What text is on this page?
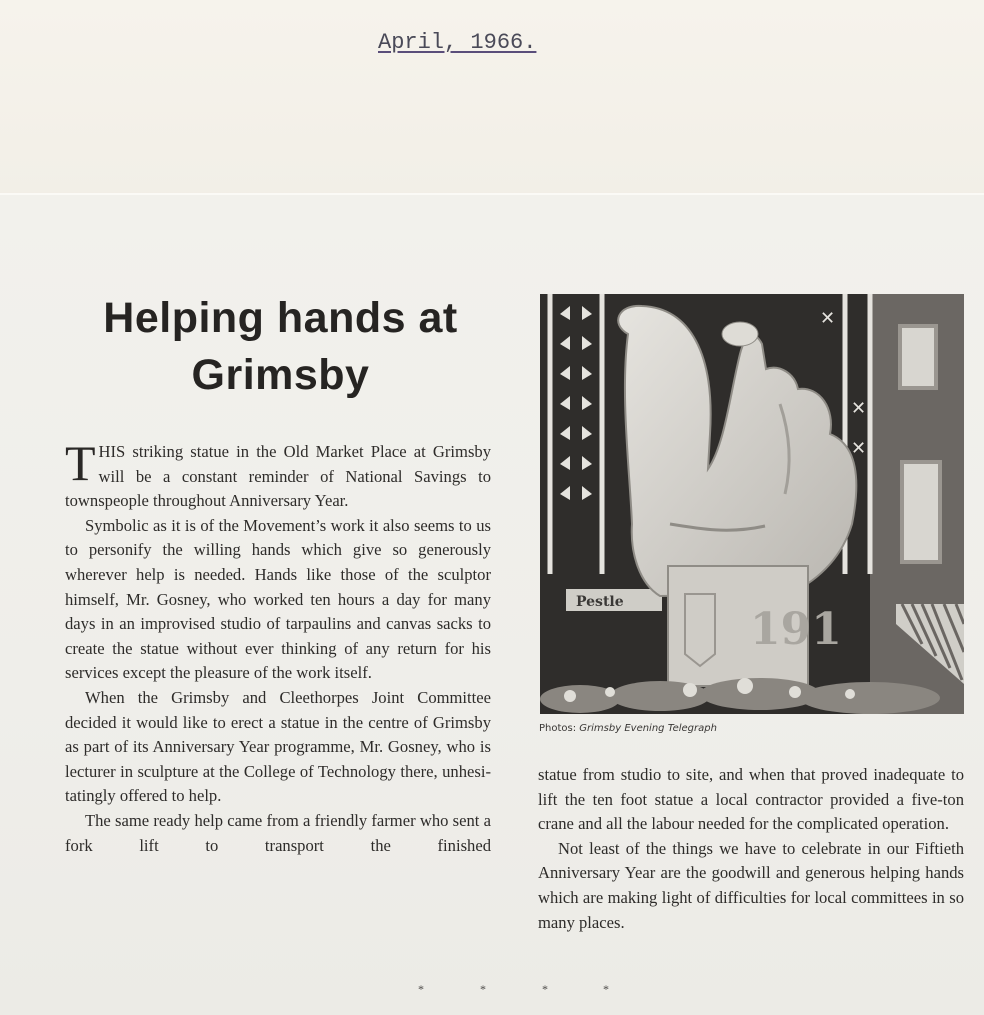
April, 1966.
Helping hands at
Grimsby

THIS striking statue in the Old Market Place at Grimsby will be a constant reminder of National Savings to townspeople throughout Anniversary Year.

Symbolic as it is of the Movement’s work it also seems to us to personify the willing hands which give so generously wherever help is needed. Hands like those of the sculptor himself, Mr. Gosney, who worked ten hours a day for many days in an improvised studio of tarpaulins and canvas sacks to create the statue without ever thinking of any return for his services except the pleasure of the work itself.

When the Grimsby and Cleethorpes Joint Committee decided it would like to erect a statue in the centre of Grimsby as part of its Anniversary Year programme, Mr. Gosney, who is lecturer in sculpture at the College of Technology there, unhesitatingly offered to help.

The same ready help came from a friendly farmer who sent a fork lift to transport the finished

✕
✕
✕
Pestle
191
Photos: Grimsby Evening Telegraph

statue from studio to site, and when that proved inadequate to lift the ten foot statue a local contractor provided a five-ton crane and all the labour needed for the complicated operation.

Not least of the things we have to celebrate in our Fiftieth Anniversary Year are the goodwill and generous helping hands which are making light of difficulties for local committees in so many places.

*	*	*	*
